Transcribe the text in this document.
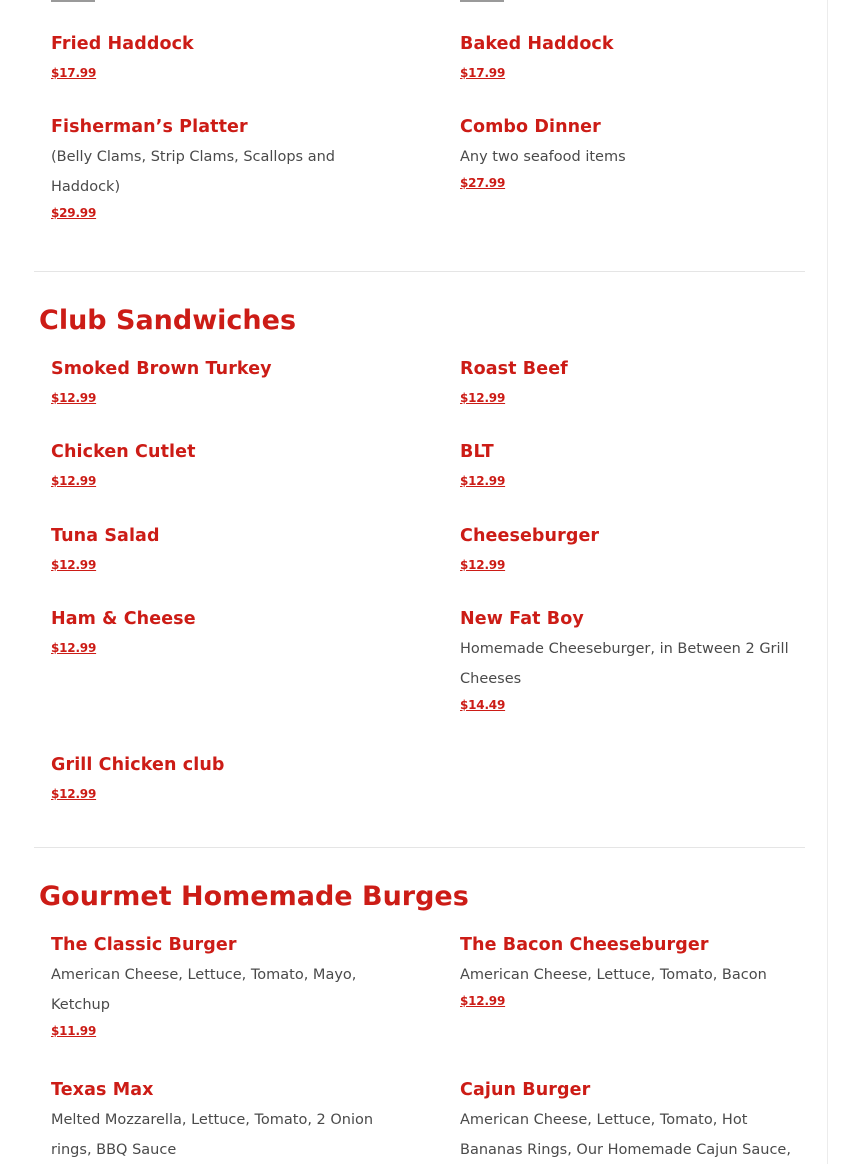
Fried Haddock
$17.99
Baked Haddock
$17.99
Fisherman’s Platter
(Belly Clams, Strip Clams, Scallops and Haddock)
$29.99
Combo Dinner
Any two seafood items
$27.99
Club Sandwiches
Smoked Brown Turkey
$12.99
Roast Beef
$12.99
Chicken Cutlet
$12.99
BLT
$12.99
Tuna Salad
$12.99
Cheeseburger
$12.99
Ham & Cheese
$12.99
New Fat Boy
Homemade Cheeseburger, in Between 2 Grill Cheeses
$14.49
Grill Chicken club
$12.99
Gourmet Homemade Burges
The Classic Burger
American Cheese, Lettuce, Tomato, Mayo, Ketchup
$11.99
The Bacon Cheeseburger
American Cheese, Lettuce, Tomato, Bacon
$12.99
Texas Max
Melted Mozzarella, Lettuce, Tomato, 2 Onion rings, BBQ Sauce
Cajun Burger
American Cheese, Lettuce, Tomato, Hot Bananas Rings, Our Homemade Cajun Sauce,
